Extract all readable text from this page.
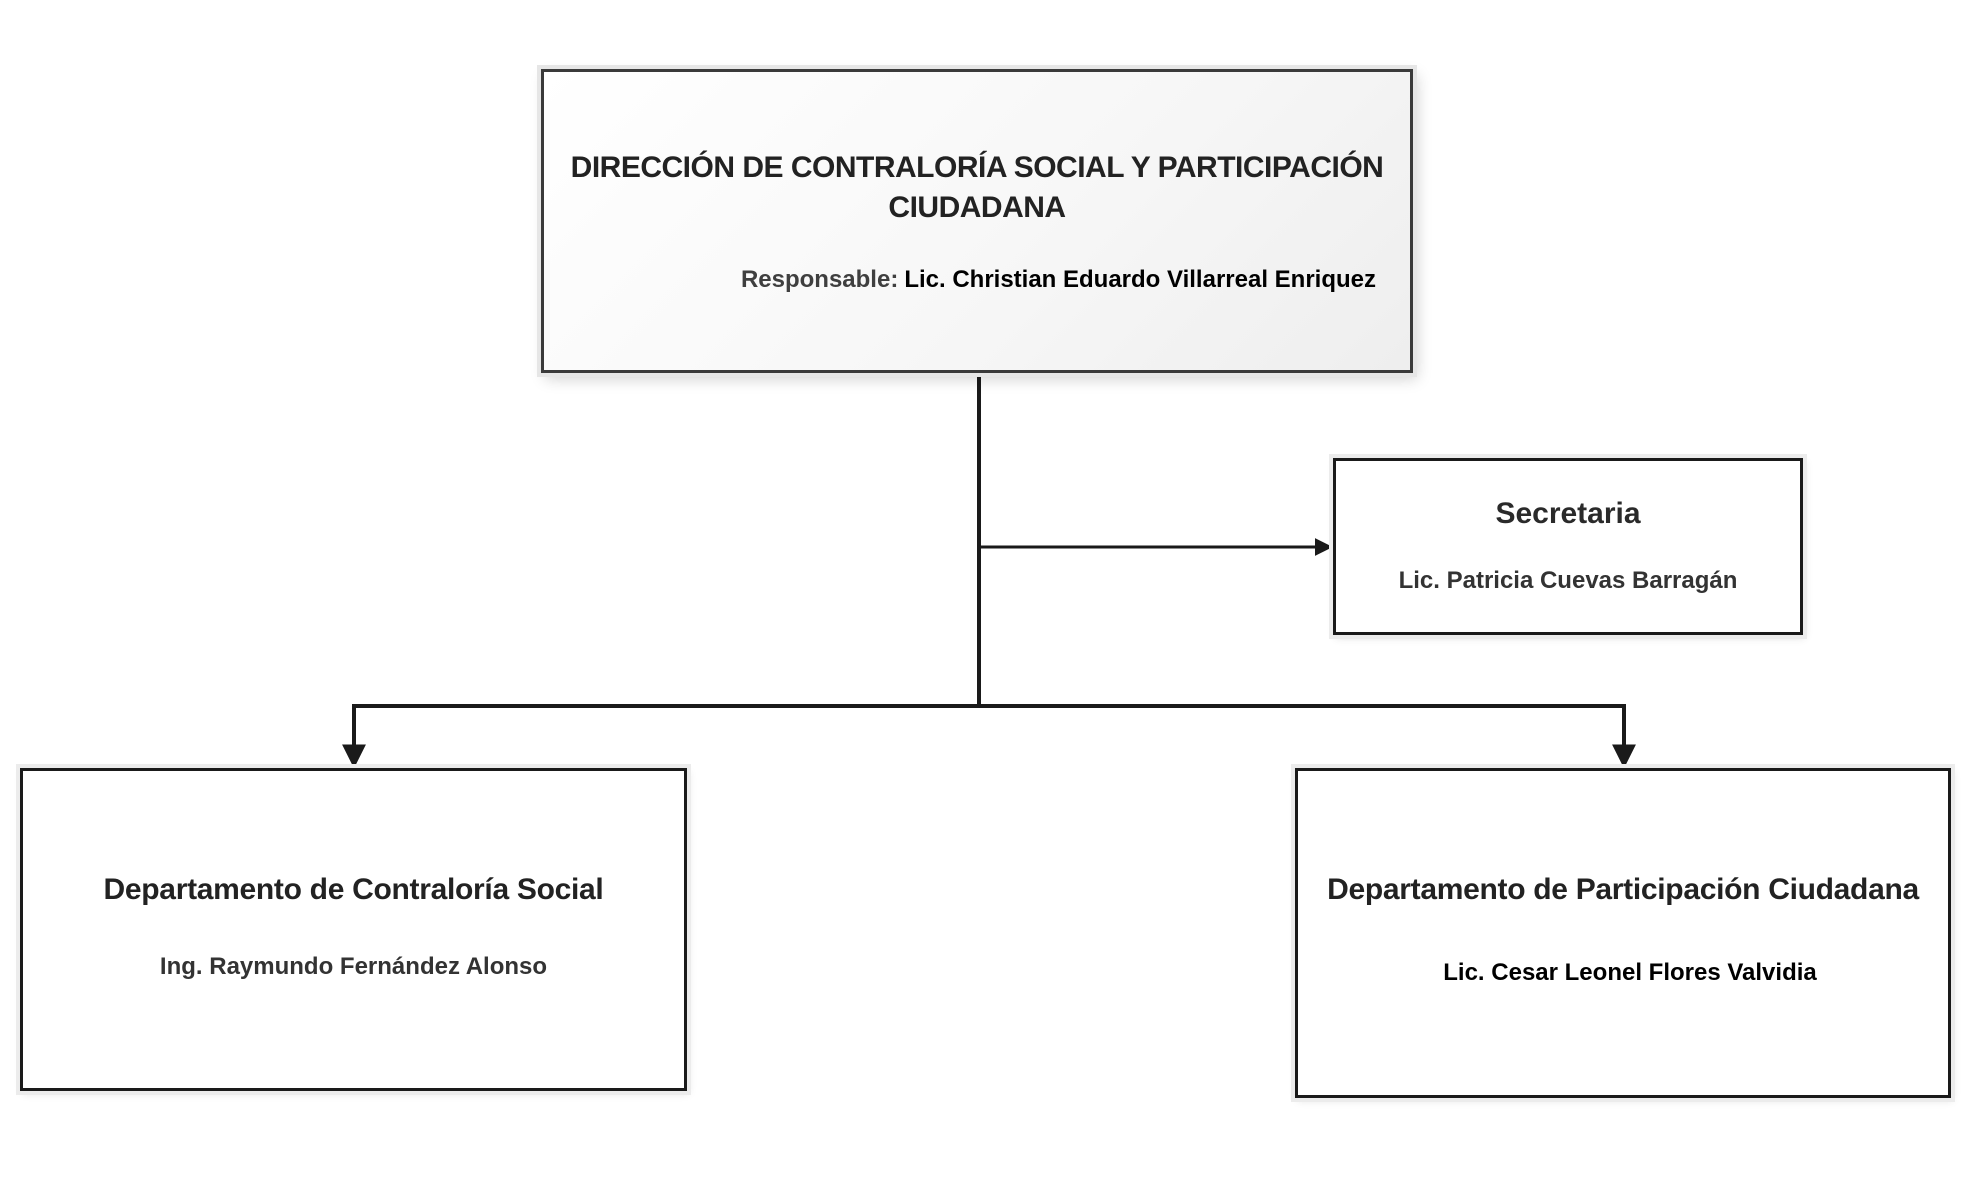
DIRECCIÓN DE CONTRALORÍA SOCIAL Y PARTICIPACIÓN CIUDADANA
Responsable: Lic. Christian Eduardo Villarreal Enriquez
Secretaria
Lic. Patricia Cuevas Barragán
Departamento de Contraloría Social
Ing. Raymundo Fernández Alonso
Departamento de Participación Ciudadana
Lic. Cesar Leonel Flores Valvidia
